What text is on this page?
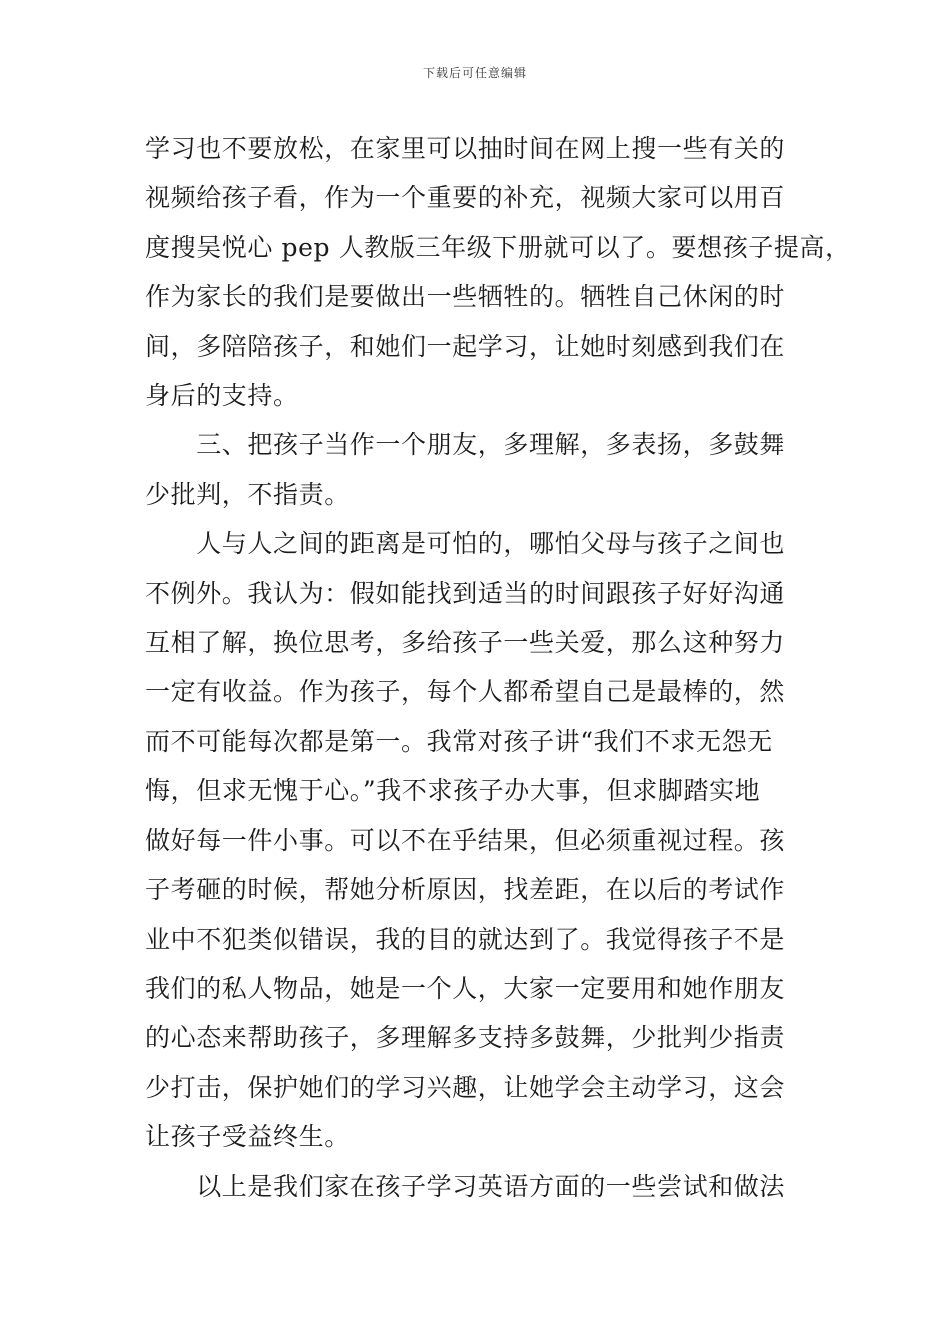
下载后可任意编辑

学习也不要放松，在家里可以抽时间在网上搜一些有关的

视频给孩子看，作为一个重要的补充，视频大家可以用百

度搜吴悦心 pep 人教版三年级下册就可以了。要想孩子提高，

作为家长的我们是要做出一些牺牲的。牺牲自己休闲的时

间，多陪陪孩子，和她们一起学习，让她时刻感到我们在

身后的支持。

　　三、把孩子当作一个朋友，多理解，多表扬，多鼓舞

少批判，不指责。

　　人与人之间的距离是可怕的，哪怕父母与孩子之间也

不例外。我认为：假如能找到适当的时间跟孩子好好沟通

互相了解，换位思考，多给孩子一些关爱，那么这种努力

一定有收益。作为孩子，每个人都希望自己是最棒的，然

而不可能每次都是第一。我常对孩子讲“我们不求无怨无

悔，但求无愧于心。”我不求孩子办大事，但求脚踏实地

做好每一件小事。可以不在乎结果，但必须重视过程。孩

子考砸的时候，帮她分析原因，找差距，在以后的考试作

业中不犯类似错误，我的目的就达到了。我觉得孩子不是

我们的私人物品，她是一个人，大家一定要用和她作朋友

的心态来帮助孩子，多理解多支持多鼓舞，少批判少指责

少打击，保护她们的学习兴趣，让她学会主动学习，这会

让孩子受益终生。

　　以上是我们家在孩子学习英语方面的一些尝试和做法
